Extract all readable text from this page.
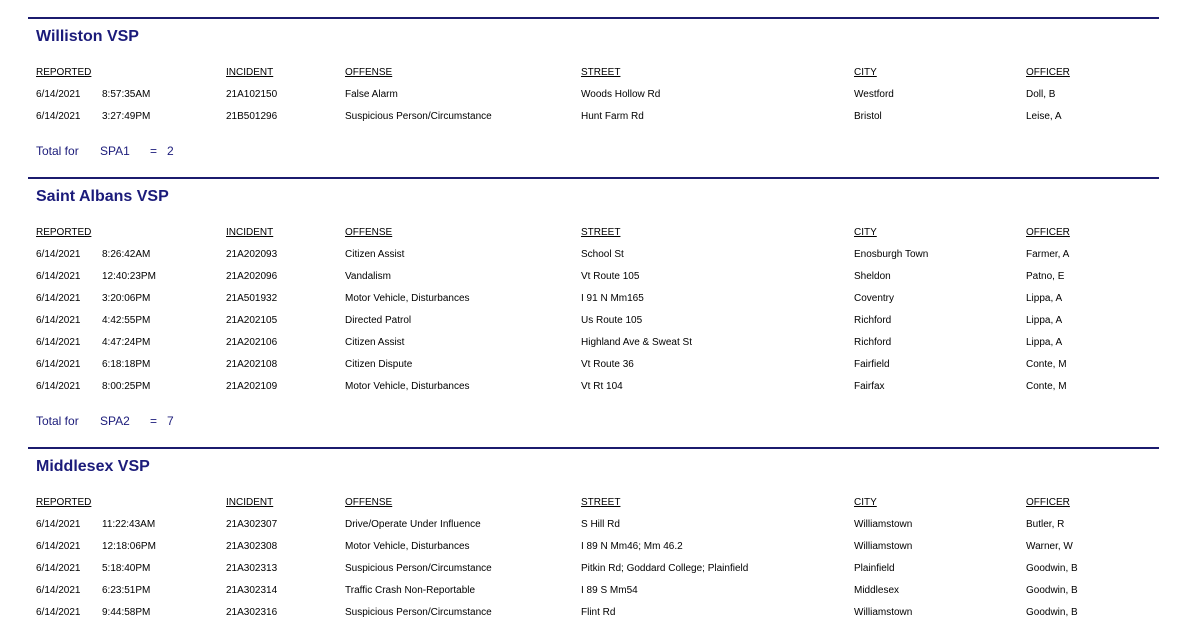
Williston VSP
REPORTED	INCIDENT	OFFENSE	STREET	CITY	OFFICER
6/14/2021 8:57:35AM	21A102150	False Alarm	Woods Hollow Rd	Westford	Doll, B
6/14/2021 3:27:49PM	21B501296	Suspicious Person/Circumstance	Hunt Farm Rd	Bristol	Leise, A
Total for SPA1 = 2
Saint Albans VSP
REPORTED	INCIDENT	OFFENSE	STREET	CITY	OFFICER
6/14/2021 8:26:42AM	21A202093	Citizen Assist	School St	Enosburgh Town	Farmer, A
6/14/2021 12:40:23PM	21A202096	Vandalism	Vt Route 105	Sheldon	Patno, E
6/14/2021 3:20:06PM	21A501932	Motor Vehicle, Disturbances	I 91 N Mm165	Coventry	Lippa, A
6/14/2021 4:42:55PM	21A202105	Directed Patrol	Us Route 105	Richford	Lippa, A
6/14/2021 4:47:24PM	21A202106	Citizen Assist	Highland Ave & Sweat St	Richford	Lippa, A
6/14/2021 6:18:18PM	21A202108	Citizen Dispute	Vt Route 36	Fairfield	Conte, M
6/14/2021 8:00:25PM	21A202109	Motor Vehicle, Disturbances	Vt Rt 104	Fairfax	Conte, M
Total for SPA2 = 7
Middlesex VSP
REPORTED	INCIDENT	OFFENSE	STREET	CITY	OFFICER
6/14/2021 11:22:43AM	21A302307	Drive/Operate Under Influence	S Hill Rd	Williamstown	Butler, R
6/14/2021 12:18:06PM	21A302308	Motor Vehicle, Disturbances	I 89 N Mm46; Mm 46.2	Williamstown	Warner, W
6/14/2021 5:18:40PM	21A302313	Suspicious Person/Circumstance	Pitkin Rd; Goddard College; Plainfield	Plainfield	Goodwin, B
6/14/2021 6:23:51PM	21A302314	Traffic Crash Non-Reportable	I 89 S Mm54	Middlesex	Goodwin, B
6/14/2021 9:44:58PM	21A302316	Suspicious Person/Circumstance	Flint Rd	Williamstown	Goodwin, B
